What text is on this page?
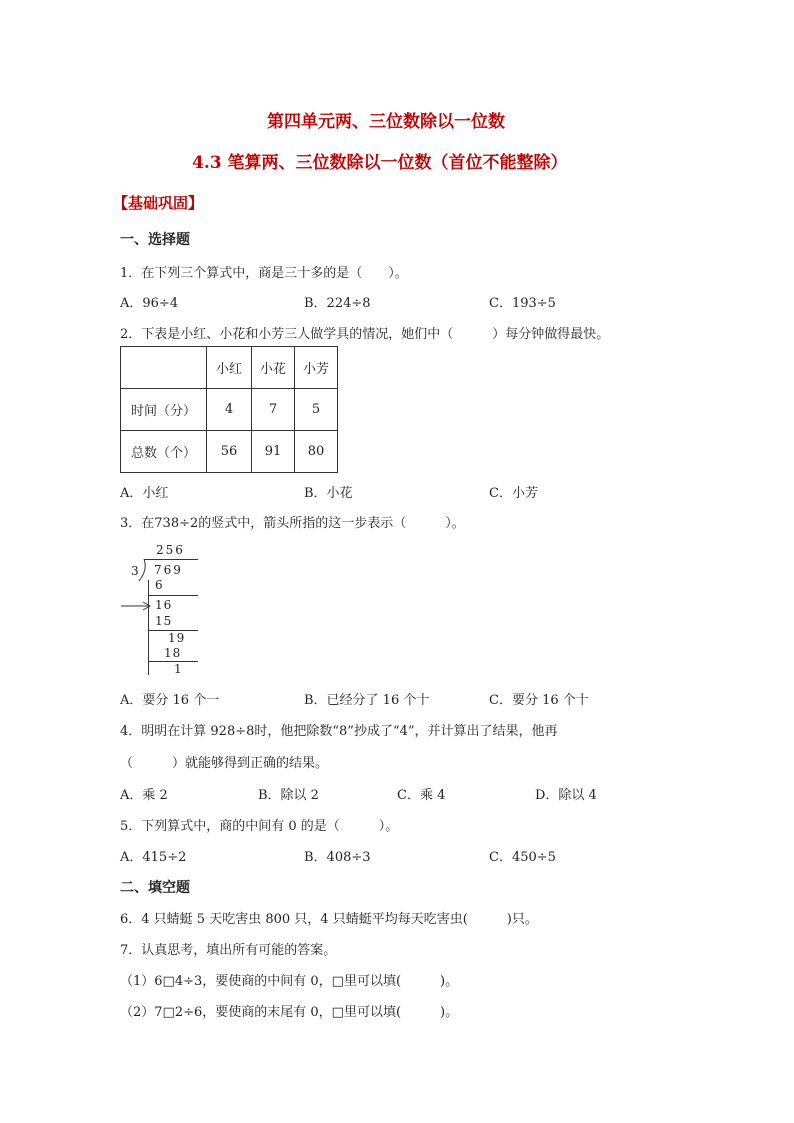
第四单元两、三位数除以一位数
4.3 笔算两、三位数除以一位数（首位不能整除）
【基础巩固】
一、选择题
1．在下列三个算式中，商是三十多的是（　　）。
A．96÷4	B．224÷8	C．193÷5
2．下表是小红、小花和小芳三人做学具的情况，她们中（　　　）每分钟做得最快。
	小红	小花	小芳
时间（分）	4	7	5
总数（个）	56	91	80
A．小红	B．小花	C．小芳
3．在738÷2的竖式中，箭头所指的这一步表示（　　　）。
256
3 769
6
16
15
19
18
1
A．要分 16 个一	B．已经分了 16 个十	C．要分 16 个十
4．明明在计算 928÷8时，他把除数“8”抄成了“4”，并计算出了结果，他再
（　　　）就能够得到正确的结果。
A．乘 2	B．除以 2	C．乘 4	D．除以 4
5．下列算式中，商的中间有 0 的是（　　　）。
A．415÷2	B．408÷3	C．450÷5
二、填空题
6．4 只蜻蜓 5 天吃害虫 800 只，4 只蜻蜓平均每天吃害虫(　　　)只。
7．认真思考，填出所有可能的答案。
（1）6□4÷3，要使商的中间有 0，□里可以填(　　　)。
（2）7□2÷6，要使商的末尾有 0，□里可以填(　　　)。
